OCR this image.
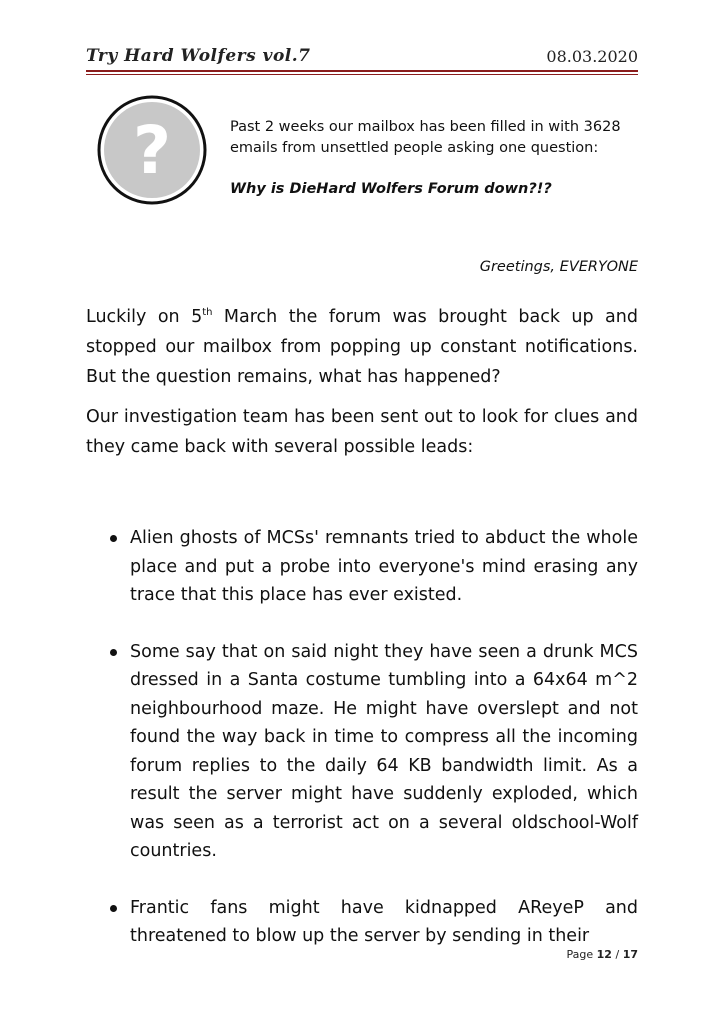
Try Hard Wolfers vol.7	08.03.2020
?	Past 2 weeks our mailbox has been filled in with 3628 emails from unsettled people asking one question:

Why is DieHard Wolfers Forum down?!?

Greetings, EVERYONE

Luckily on 5th March the forum was brought back up and stopped our mailbox from popping up constant notifications. But the question remains, what has happened?

Our investigation team has been sent out to look for clues and they came back with several possible leads:

Alien ghosts of MCSs' remnants tried to abduct the whole place and put a probe into everyone's mind erasing any trace that this place has ever existed.
Some say that on said night they have seen a drunk MCS dressed in a Santa costume tumbling into a 64x64 m^2 neighbourhood maze. He might have overslept and not found the way back in time to compress all the incoming forum replies to the daily 64 KB bandwidth limit. As a result the server might have suddenly exploded, which was seen as a terrorist act on a several oldschool-Wolf countries.
Frantic fans might have kidnapped AReyeP and threatened to blow up the server by sending in their
Page 12 / 17
